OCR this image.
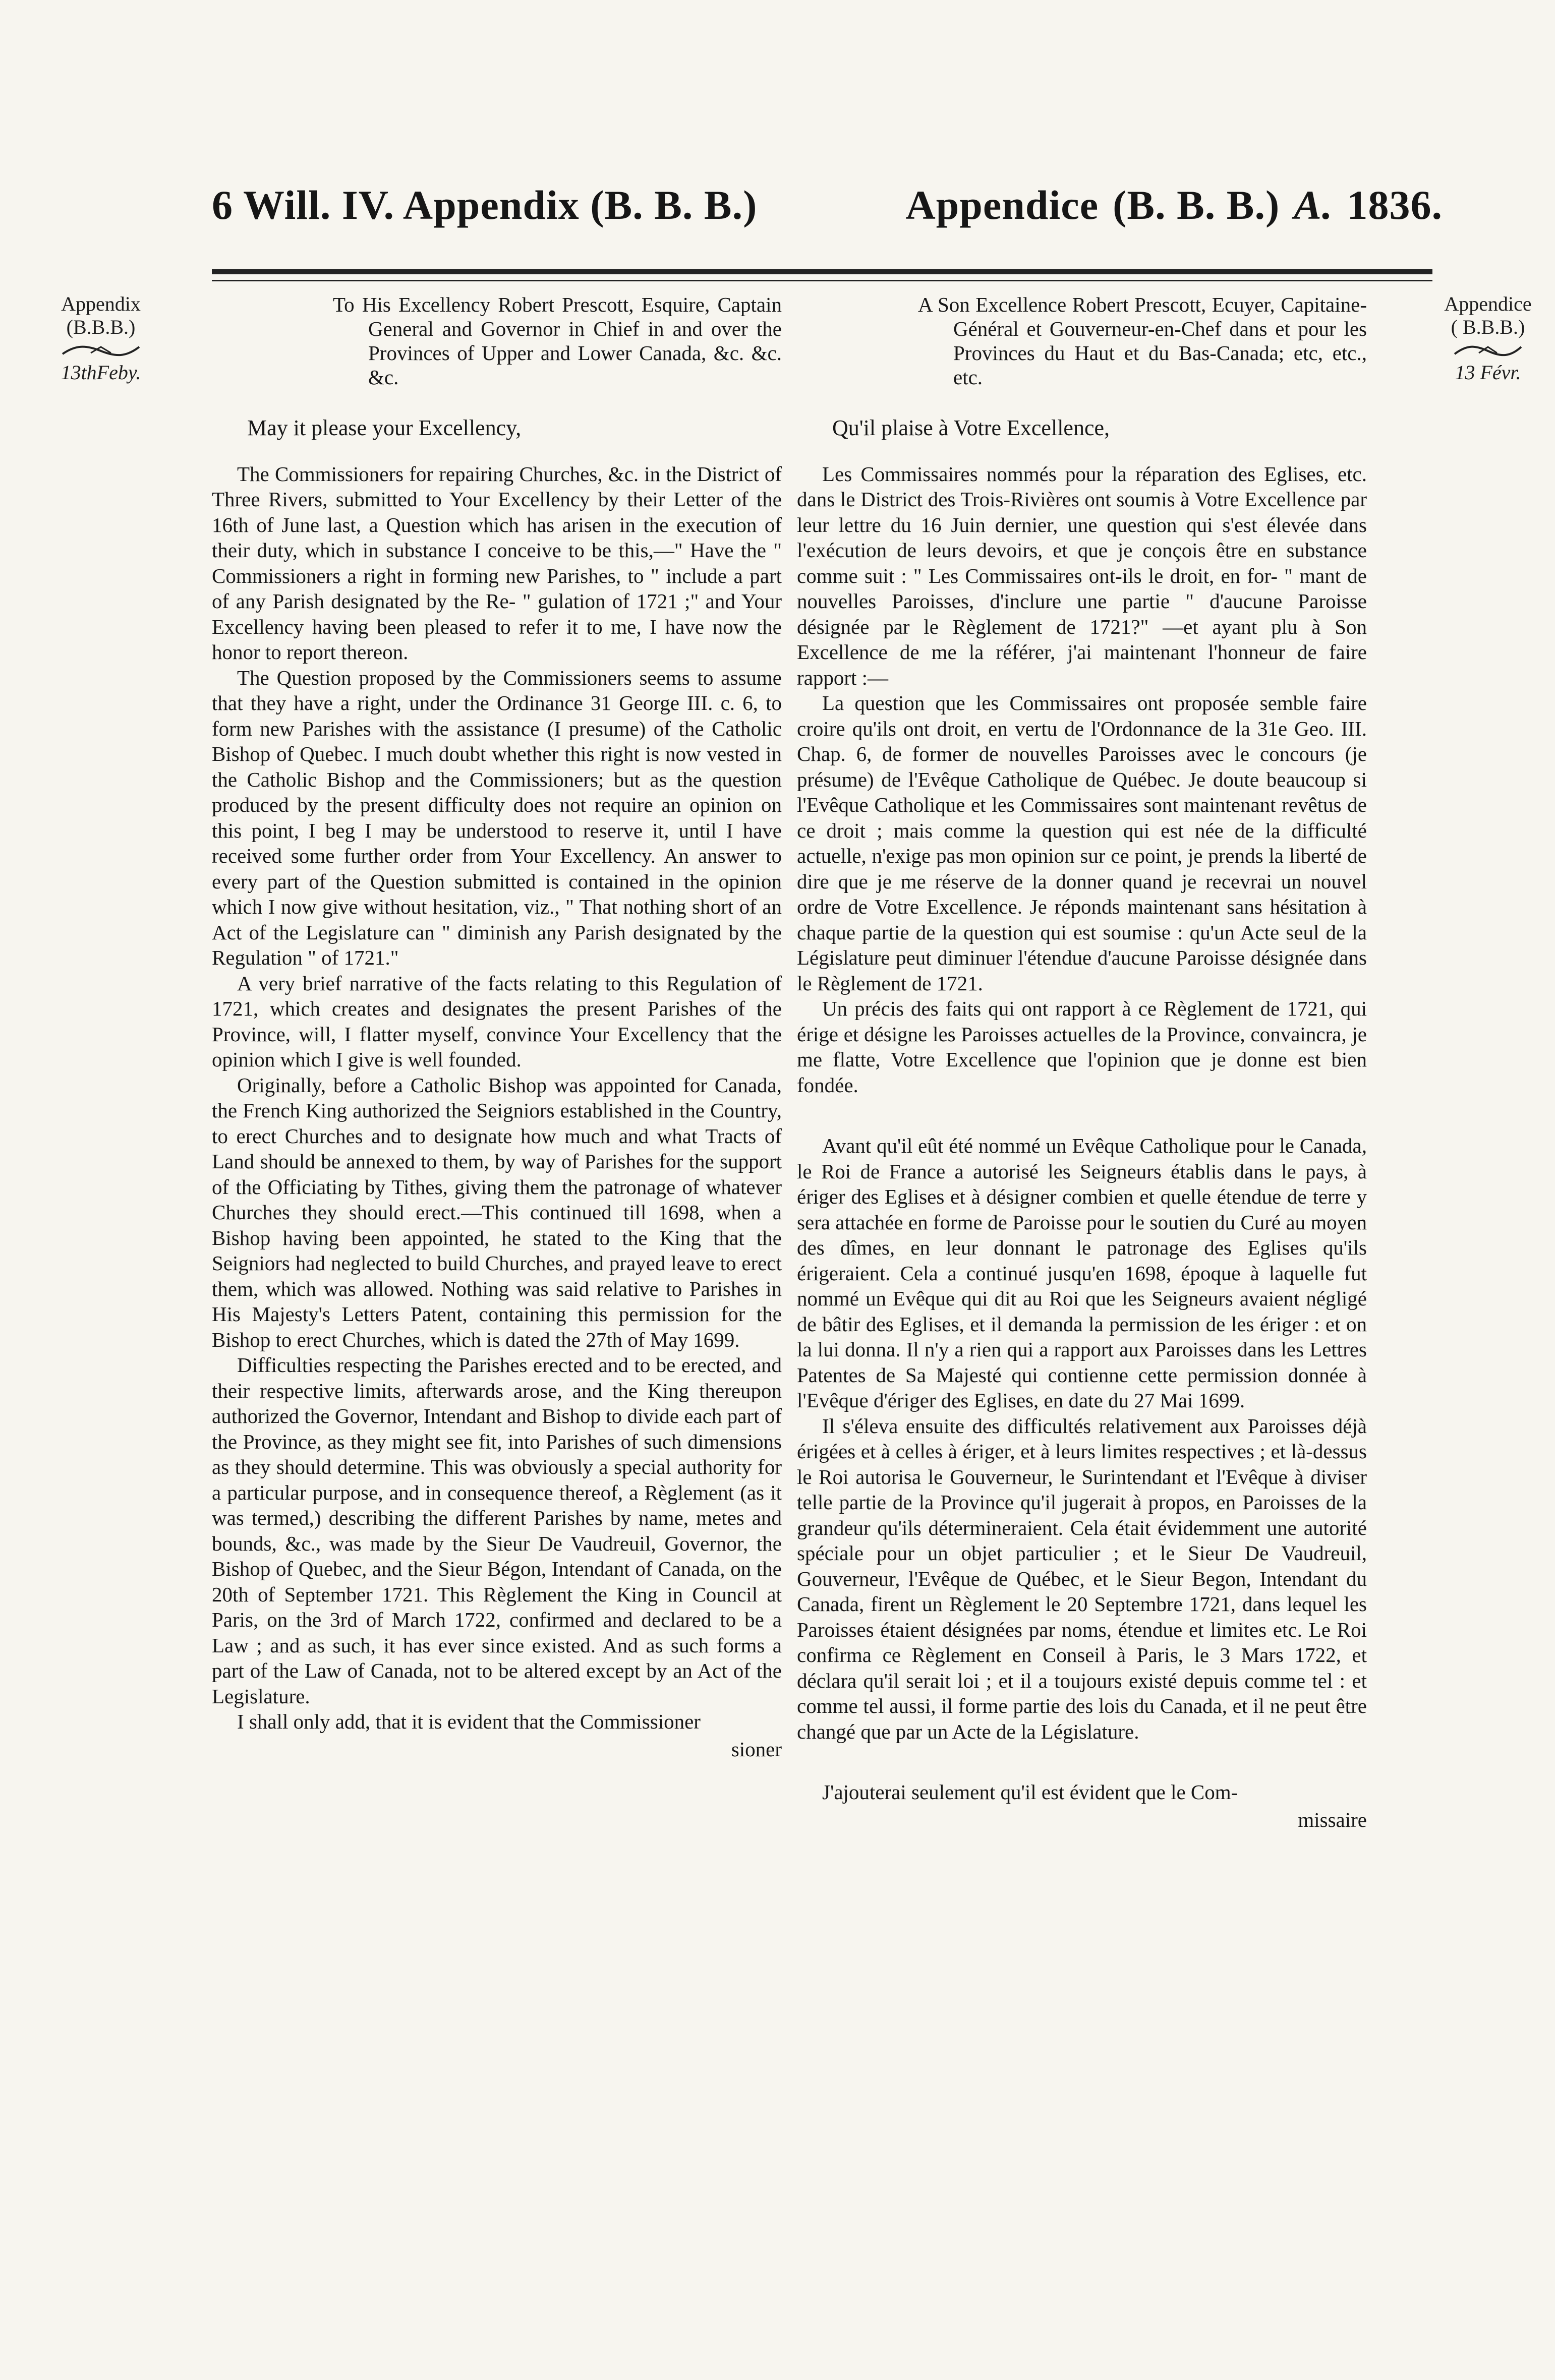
6 Will. IV. Appendix (B. B. B.)	Appendice (B. B. B.) A. 1836.
Appendix
(B.B.B.)
13thFeby.
Appendice
( B.B.B.)
13 Févr.
To His Excellency Robert Prescott, Esquire, Captain General and Governor in Chief in and over the Provinces of Upper and Lower Canada, &c. &c. &c.
May it please your Excellency,

The Commissioners for repairing Churches, &c. in the District of Three Rivers, submitted to Your Excellency by their Letter of the 16th of June last, a Question which has arisen in the execution of their duty, which in substance I conceive to be this,—" Have the " Commissioners a right in forming new Parishes, to " include a part of any Parish designated by the Re- " gulation of 1721 ;" and Your Excellency having been pleased to refer it to me, I have now the honor to report thereon.

The Question proposed by the Commissioners seems to assume that they have a right, under the Ordinance 31 George III. c. 6, to form new Parishes with the assistance (I presume) of the Catholic Bishop of Quebec. I much doubt whether this right is now vested in the Catholic Bishop and the Commissioners; but as the question produced by the present difficulty does not require an opinion on this point, I beg I may be understood to reserve it, until I have received some further order from Your Excellency. An answer to every part of the Question submitted is contained in the opinion which I now give without hesitation, viz., " That nothing short of an Act of the Legislature can " diminish any Parish designated by the Regulation " of 1721."

A very brief narrative of the facts relating to this Regulation of 1721, which creates and designates the present Parishes of the Province, will, I flatter myself, convince Your Excellency that the opinion which I give is well founded.

Originally, before a Catholic Bishop was appointed for Canada, the French King authorized the Seigniors established in the Country, to erect Churches and to designate how much and what Tracts of Land should be annexed to them, by way of Parishes for the support of the Officiating by Tithes, giving them the patronage of whatever Churches they should erect.—This continued till 1698, when a Bishop having been appointed, he stated to the King that the Seigniors had neglected to build Churches, and prayed leave to erect them, which was allowed. Nothing was said relative to Parishes in His Majesty's Letters Patent, containing this permission for the Bishop to erect Churches, which is dated the 27th of May 1699.

Difficulties respecting the Parishes erected and to be erected, and their respective limits, afterwards arose, and the King thereupon authorized the Governor, Intendant and Bishop to divide each part of the Province, as they might see fit, into Parishes of such dimensions as they should determine. This was obviously a special authority for a particular purpose, and in consequence thereof, a Règlement (as it was termed,) describing the different Parishes by name, metes and bounds, &c., was made by the Sieur De Vaudreuil, Governor, the Bishop of Quebec, and the Sieur Bégon, Intendant of Canada, on the 20th of September 1721. This Règlement the King in Council at Paris, on the 3rd of March 1722, confirmed and declared to be a Law ; and as such, it has ever since existed. And as such forms a part of the Law of Canada, not to be altered except by an Act of the Legislature.

I shall only add, that it is evident that the Commissioner

sioner
A Son Excellence Robert Prescott, Ecuyer, Capitaine-Général et Gouverneur-en-Chef dans et pour les Provinces du Haut et du Bas-Canada; etc, etc., etc.
Qu'il plaise à Votre Excellence,

Les Commissaires nommés pour la réparation des Eglises, etc. dans le District des Trois-Rivières ont soumis à Votre Excellence par leur lettre du 16 Juin dernier, une question qui s'est élevée dans l'exécution de leurs devoirs, et que je conçois être en substance comme suit : " Les Commissaires ont-ils le droit, en for- " mant de nouvelles Paroisses, d'inclure une partie " d'aucune Paroisse désignée par le Règlement de 1721?" —et ayant plu à Son Excellence de me la référer, j'ai maintenant l'honneur de faire rapport :—

La question que les Commissaires ont proposée semble faire croire qu'ils ont droit, en vertu de l'Ordonnance de la 31e Geo. III. Chap. 6, de former de nouvelles Paroisses avec le concours (je présume) de l'Evêque Catholique de Québec. Je doute beaucoup si l'Evêque Catholique et les Commissaires sont maintenant revêtus de ce droit ; mais comme la question qui est née de la difficulté actuelle, n'exige pas mon opinion sur ce point, je prends la liberté de dire que je me réserve de la donner quand je recevrai un nouvel ordre de Votre Excellence. Je réponds maintenant sans hésitation à chaque partie de la question qui est soumise : qu'un Acte seul de la Législature peut diminuer l'étendue d'aucune Paroisse désignée dans le Règlement de 1721.

Un précis des faits qui ont rapport à ce Règlement de 1721, qui érige et désigne les Paroisses actuelles de la Province, convaincra, je me flatte, Votre Excellence que l'opinion que je donne est bien fondée.

Avant qu'il eût été nommé un Evêque Catholique pour le Canada, le Roi de France a autorisé les Seigneurs établis dans le pays, à ériger des Eglises et à désigner combien et quelle étendue de terre y sera attachée en forme de Paroisse pour le soutien du Curé au moyen des dîmes, en leur donnant le patronage des Eglises qu'ils érigeraient. Cela a continué jusqu'en 1698, époque à laquelle fut nommé un Evêque qui dit au Roi que les Seigneurs avaient négligé de bâtir des Eglises, et il demanda la permission de les ériger : et on la lui donna. Il n'y a rien qui a rapport aux Paroisses dans les Lettres Patentes de Sa Majesté qui contienne cette permission donnée à l'Evêque d'ériger des Eglises, en date du 27 Mai 1699.

Il s'éleva ensuite des difficultés relativement aux Paroisses déjà érigées et à celles à ériger, et à leurs limites respectives ; et là-dessus le Roi autorisa le Gouverneur, le Surintendant et l'Evêque à diviser telle partie de la Province qu'il jugerait à propos, en Paroisses de la grandeur qu'ils détermineraient. Cela était évidemment une autorité spéciale pour un objet particulier ; et le Sieur De Vaudreuil, Gouverneur, l'Evêque de Québec, et le Sieur Begon, Intendant du Canada, firent un Règlement le 20 Septembre 1721, dans lequel les Paroisses étaient désignées par noms, étendue et limites etc. Le Roi confirma ce Règlement en Conseil à Paris, le 3 Mars 1722, et déclara qu'il serait loi ; et il a toujours existé depuis comme tel : et comme tel aussi, il forme partie des lois du Canada, et il ne peut être changé que par un Acte de la Législature.

J'ajouterai seulement qu'il est évident que le Com-

missaire
